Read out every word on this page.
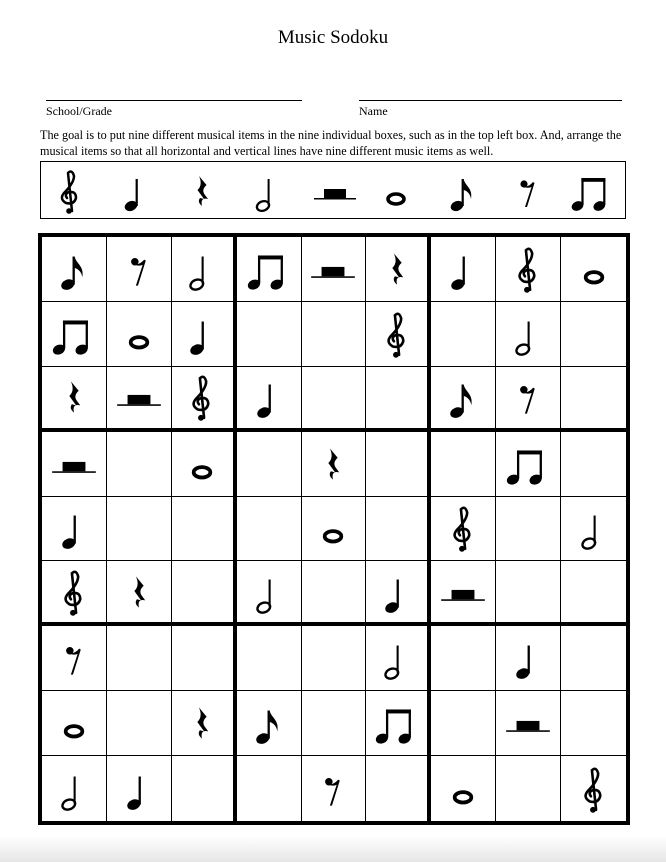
Music Sodoku
School/Grade	Name
The goal is to put nine different musical items in the nine individual boxes, such as in the top left box. And, arrange the musical items so that all horizontal and vertical lines have nine different music items as well.
